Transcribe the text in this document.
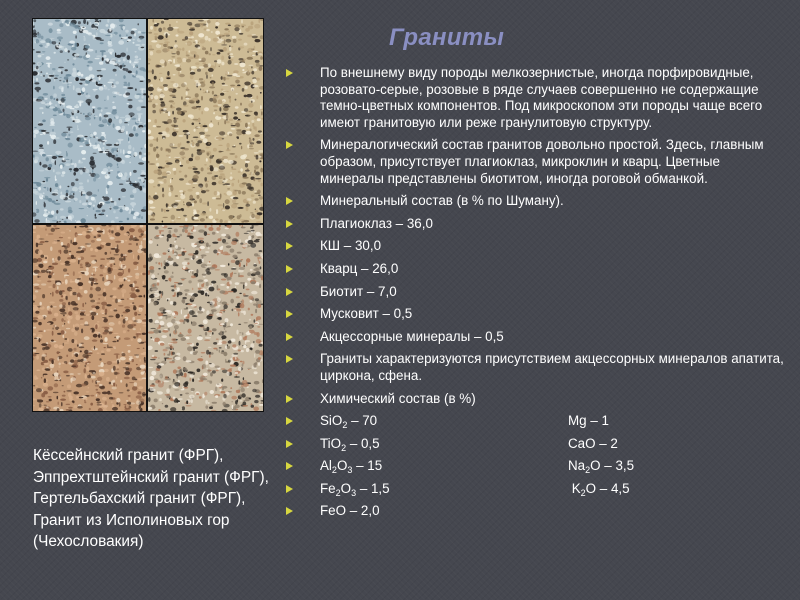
Граниты
По внешнему виду породы мелкозернистые, иногда порфировидные, розовато-серые, розовые в ряде случаев совершенно не содержащие темно-цветных компонентов. Под микроскопом эти породы чаще всего имеют гранитовую или реже гранулитовую структуру.
Минералогический состав гранитов довольно простой. Здесь, главным образом, присутствует плагиоклаз, микроклин и кварц. Цветные минералы представлены биотитом, иногда роговой обманкой.
Минеральный состав (в % по Шуману).
Плагиоклаз – 36,0
КШ – 30,0
Кварц – 26,0
Биотит – 7,0
Мусковит – 0,5
Акцессорные минералы – 0,5
Граниты характеризуются присутствием акцессорных минералов апатита, циркона, сфена.
Химический состав (в %)
SiO$_2$ – 70	Mg – 1
TiO$_2$ – 0,5	CaO – 2
$Al_2O_3 - 15$	$Na_2O - 3,5$
$Fe_2O_3 - 1,5$	$K_2O - 4,5$
FeO – 2,0
Кёссейнский гранит (ФРГ), Эппрехтштейнский гранит (ФРГ), Гертельбахский гранит (ФРГ), Гранит из Исполиновых гор (Чехословакия)
